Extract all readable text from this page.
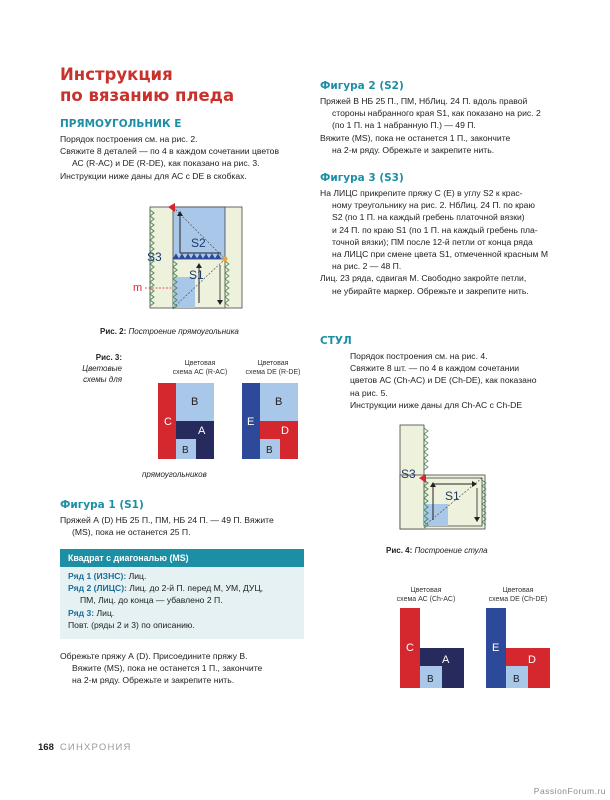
Инструкция
по вязанию пледа
ПРЯМОУГОЛЬНИК Е

Порядок построения см. на рис. 2.

Свяжите 8 деталей — по 4 в каждом сочетании цветов

АС (R-AC) и DE (R-DE), как показано на рис. 3.

Инструкции ниже даны для АС с DE в скобках.

S2
S1
S3
m
Рис. 2: Построение прямоугольника
Рис. 3:
Цветовые
схемы для
прямоугольников
Цветовая
схема АС (R-AC)
C
B
A
B
Цветовая
схема DE (R-DE)
E
B
D
B
Фигура 1 (S1)

Пряжей А (D) НБ 25 П., ПМ, НБ 24 П. — 49 П. Вяжите

(МS), пока не останется 25 П.

Квадрат с диагональю (МS)
Ряд 1 (ИЗНС): Лиц.
Ряд 2 (ЛИЦС): Лиц. до 2-й П. перед М, УМ, ДУЦ,
ПМ, Лиц. до конца — убавлено 2 П.
Ряд 3: Лиц.
Повт. (ряды 2 и 3) по описанию.

Обрежьте пряжу А (D). Присоедините пряжу В.

Вяжите (МS), пока не останется 1 П., закончите

на 2-м ряду. Обрежьте и закрепите нить.

Фигура 2 (S2)

Пряжей В НБ 25 П., ПМ, НбЛиц. 24 П. вдоль правой

стороны набранного края S1, как показано на рис. 2

(по 1 П. на 1 набранную П.) — 49 П.

Вяжите (МS), пока не останется 1 П., закончите

на 2-м ряду. Обрежьте и закрепите нить.

Фигура 3 (S3)

На ЛИЦС прикрепите пряжу С (Е) в углу S2 к крас-

ному треугольнику на рис. 2. НбЛиц. 24 П. по краю

S2 (по 1 П. на каждый гребень платочной вязки)

и 24 П. по краю S1 (по 1 П. на каждый гребень пла-

точной вязки); ПМ после 12-й петли от конца ряда

на ЛИЦС при смене цвета S1, отмеченной красным М

на рис. 2 — 48 П.

Лиц. 23 ряда, сдвигая М. Свободно закройте петли,

не убирайте маркер. Обрежьте и закрепите нить.

СТУЛ

Порядок построения см. на рис. 4.

Свяжите 8 шт. — по 4 в каждом сочетании

цветов АС (Ch-AC) и DE (Ch-DE), как показано

на рис. 5.

Инструкции ниже даны для Ch-AC с Ch-DE

S3
S1
Рис. 4: Построение стула
Цветовая
схема АС (Ch-AC)
C
A
B
Цветовая
схема DE (Ch-DE)
E
D
B
168 СИНХРОНИЯ
PassionForum.ru
